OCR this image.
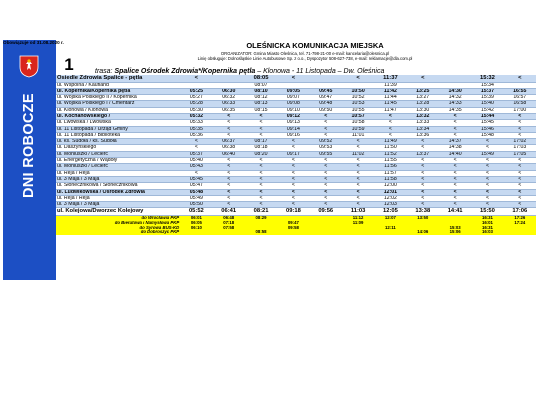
Obowiązuje od 31.08.2020 r.
1
OLEŚNICKA KOMUNIKACJA MIEJSKA
ORGANIZATOR: Gmina Miasto Oleśnica, tel. 71-798-21-00 e-mail: kancelaria@olesnica.pl
Linię obsługuje: Dolnośląskie Linie Autobusowe Sp. z o.o., Dyspozytor 508-627-738, e-mail: reklamacje@dla.com.pl
trasa: Spalice Ośrodek Zdrowia*/Kopernika pętla – Klonowa - 11 Listopada – Dw. Oleśnica
Osiedle Zdrowia Spalice - pętla	<		08:05	<		<	11:37	<		15:32	<
ul. Wspólna / Kaufland			08:07				11:39			15:34	
ul. Kopernika/Kopernika pętla	05:25	06:30	08:10	09:05	09:45	10:50	11:42	13:25	14:30	15:37	16:55
ul. Wojska Polskiego II / Kopernika	05:27	06:32	08:12	09:07	09:47	10:52	11:44	13:27	14:32	15:39	16:57
ul. Wojska Polskiego I / Cmentarz	05:28	06:33	08:13	09:08	09:48	10:53	11:45	13:28	14:33	15:40	16:58
ul. Klonowa / Klonowa	05:30	06:35	08:15	09:10	09:50	10:55	11:47	13:30	14:35	15:42	17:00
ul. Kochanowskiego /	05:32	<	<	09:12	<	10:57	<	13:32	<	15:44	<
ul. Lwowska / Lwowska	05:33	<	<	09:13	<	10:58	<	13:33	<	15:45	<
ul. 11 Listopada / Urząd Gminy	05:35	<	<	09:14	<	10:59	<	13:34	<	15:46	<
ul. 11 Listopada / Biblioteka	05:36	<	<	09:16	<	11:01	<	13:36	<	15:48	<
ul. ks. Sudoła / ks. Sudoła	<	06:37	08:17	<	09:52	<	11:49	<	14:37	<	17:02
ul. Daszyńskiego	<	06:38	08:18	<	09:53	<	11:50	<	14:38	<	17:03
ul. Moniuszki / Leclerc	05:37	06:40	08:20	09:17	09:55	11:02	11:52	13:37	14:40	15:49	17:05
ul. Energetyczna / Wądoły	05:40	<	<	<	<	<	11:55	<	<	<	<
ul. Moniuszki / Leclerc	05:43	<	<	<	<	<	11:56	<	<	<	<
ul. Reja / Reja	<	<	<	<	<	<	11:57	<	<	<	<
ul. 3 Maja / 3 Maja	05:45	<	<	<	<	<	11:58	<	<	<	<
ul. Słonecznikowa / Słonecznikowa	05:47	<	<	<	<	<	12:00	<	<	<	<
ul. Ludwikowska / Ośrodek Zdrowia	05:48	<	<	<	<	<	12:01	<	<	<	<
ul. Reja / Reja	05:49	<	<	<	<	<	12:02	<	<	<	<
ul. 3 Maja / 3 Maja	05:50	<	<	<	<	<	12:03	<	<	<	<
ul. Kolejowa/Dworzec Kolejowy	05:52	06:41	08:21	09:18	09:56	11:03	12:05	13:38	14:41	15:50	17:06
do Wrocławia PKP	06:01	06:48	08:29			11:12	12:07	13:50		16:31	17:26
do Bierutowa i Namysłowa PKP	06:05	07:18		09:47		11:09				16:01	17:24
do Syrowa BUS-KD	06:10	07:58		09:58			12:11		15:03	16:31	
do Dobroszyc PKP			08:58					14:06	15:06	16:03	
